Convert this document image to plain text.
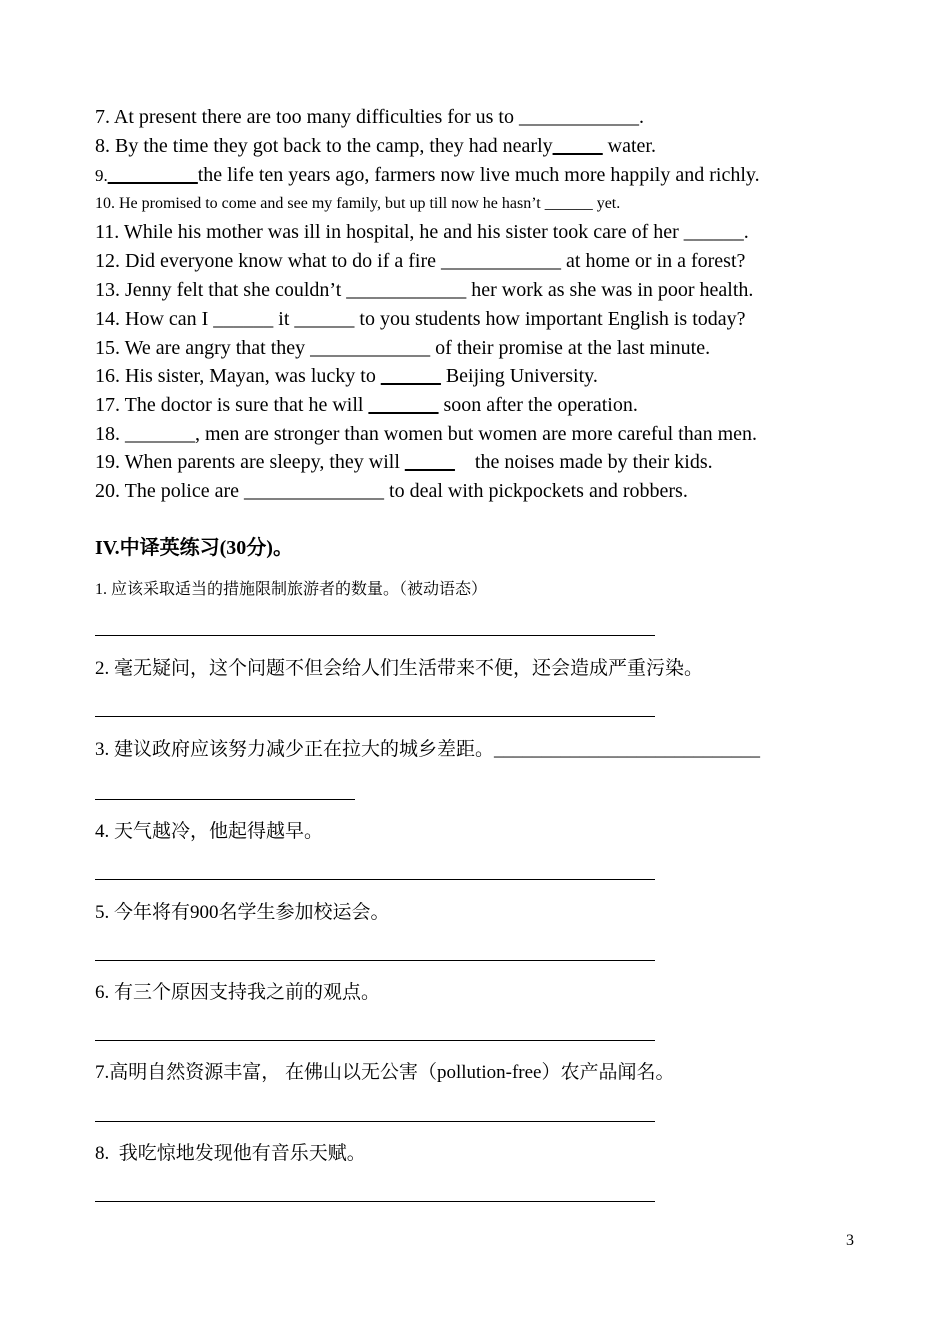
7. At present there are too many difficulties for us to ____________.
8. By the time they got back to the camp, they had nearly_____ water.
9._________the life ten years ago, farmers now live much more happily and richly.
10. He promised to come and see my family, but up till now he hasn’t ______ yet.
11. While his mother was ill in hospital, he and his sister took care of her ______.
12. Did everyone know what to do if a fire ____________ at home or in a forest?
13. Jenny felt that she couldn’t ____________ her work as she was in poor health.
14. How can I ______ it ______ to you students how important English is today?
15. We are angry that they ____________ of their promise at the last minute.
16. His sister, Mayan, was lucky to ______ Beijing University.
17. The doctor is sure that he will _______ soon after the operation.
18. _______, men are stronger than women but women are more careful than men.
19. When parents are sleepy, they will _____    the noises made by their kids.
20. The police are ______________ to deal with pickpockets and robbers.
IV.中译英练习(30分)。
1. 应该采取适当的措施限制旅游者的数量。（被动语态）
2. 毫无疑问，这个问题不但会给人们生活带来不便，还会造成严重污染。
3. 建议政府应该努力减少正在拉大的城乡差距。____________________________
4. 天气越冷，他起得越早。
5. 今年将有900名学生参加校运会。
6. 有三个原因支持我之前的观点。
7.高明自然资源丰富， 在佛山以无公害（pollution-free）农产品闻名。
8.  我吃惊地发现他有音乐天赋。
3
